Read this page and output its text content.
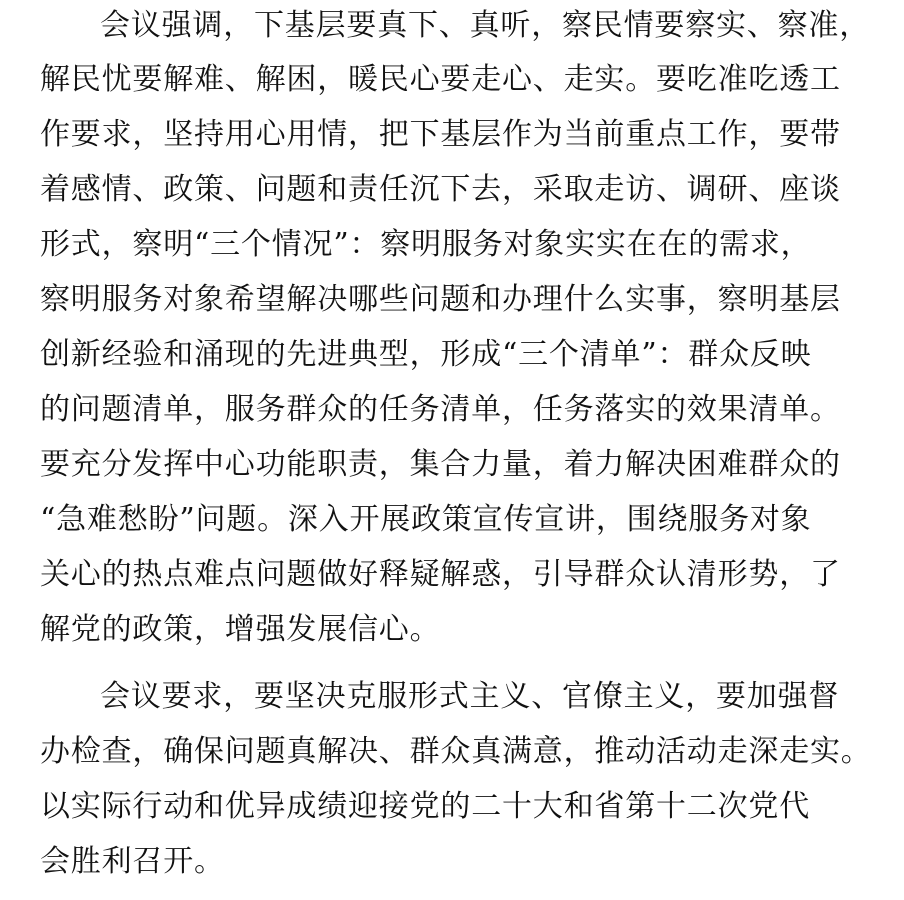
会议强调，下基层要真下、真听，察民情要察实、察准，
解民忧要解难、解困，暖民心要走心、走实。要吃准吃透工
作要求，坚持用心用情，把下基层作为当前重点工作，要带
着感情、政策、问题和责任沉下去，采取走访、调研、座谈
形式，察明“三个情况”：察明服务对象实实在在的需求，
察明服务对象希望解决哪些问题和办理什么实事，察明基层
创新经验和涌现的先进典型，形成“三个清单”：群众反映
的问题清单，服务群众的任务清单，任务落实的效果清单。
要充分发挥中心功能职责，集合力量，着力解决困难群众的
“急难愁盼”问题。深入开展政策宣传宣讲，围绕服务对象
关心的热点难点问题做好释疑解惑，引导群众认清形势，了
解党的政策，增强发展信心。
会议要求，要坚决克服形式主义、官僚主义，要加强督
办检查，确保问题真解决、群众真满意，推动活动走深走实。
以实际行动和优异成绩迎接党的二十大和省第十二次党代
会胜利召开。
